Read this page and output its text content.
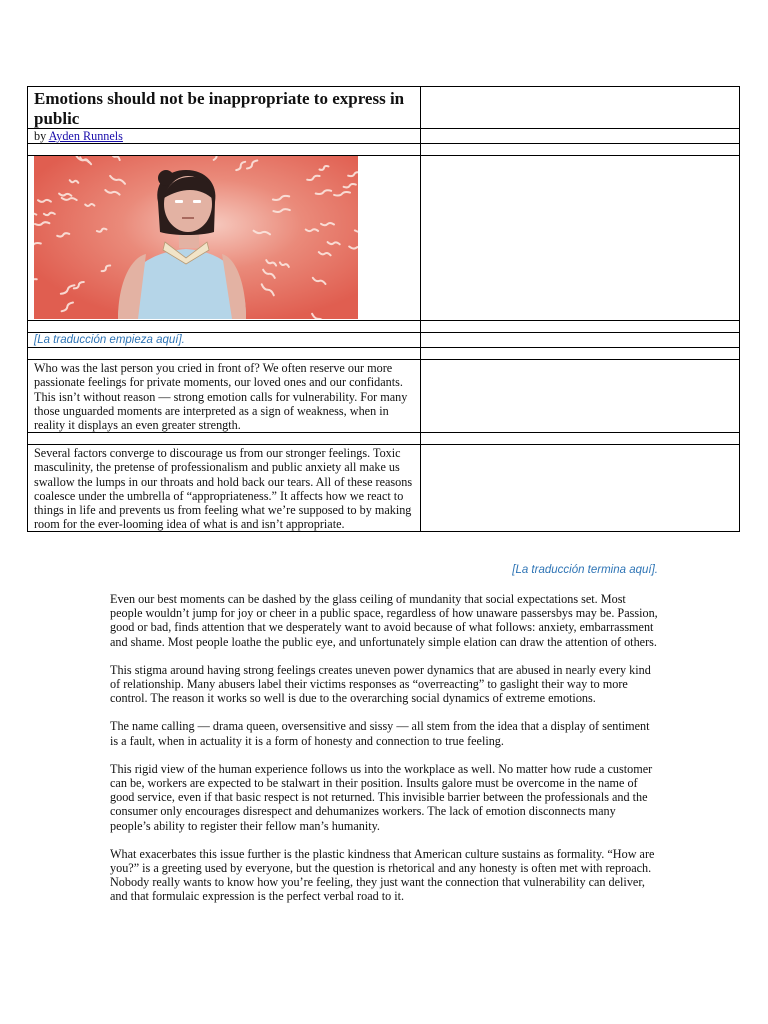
Emotions should not be inappropriate to express in public	

by Ayden Runnels	

[La traducción empieza aquí].	

Who was the last person you cried in front of? We often reserve our more passionate feelings for private moments, our loved ones and our confidants. This isn’t without reason — strong emotion calls for vulnerability. For many those unguarded moments are interpreted as a sign of weakness, when in reality it displays an even greater strength.	

Several factors converge to discourage us from our stronger feelings. Toxic masculinity, the pretense of professionalism and public anxiety all make us swallow the lumps in our throats and hold back our tears. All of these reasons coalesce under the umbrella of “appropriateness.” It affects how we react to things in life and prevents us from feeling what we’re supposed to by making room for the ever-looming idea of what is and isn’t appropriate.	
[La traducción termina aquí].

Even our best moments can be dashed by the glass ceiling of mundanity that social expectations set. Most people wouldn’t jump for joy or cheer in a public space, regardless of how unaware passersbys may be. Passion, good or bad, finds attention that we desperately want to avoid because of what follows: anxiety, embarrassment and shame. Most people loathe the public eye, and unfortunately simple elation can draw the attention of others.

This stigma around having strong feelings creates uneven power dynamics that are abused in nearly every kind of relationship. Many abusers label their victims responses as “overreacting” to gaslight their way to more control. The reason it works so well is due to the overarching social dynamics of extreme emotions.

The name calling — drama queen, oversensitive and sissy — all stem from the idea that a display of sentiment is a fault, when in actuality it is a form of honesty and connection to true feeling.

This rigid view of the human experience follows us into the workplace as well. No matter how rude a customer can be, workers are expected to be stalwart in their position. Insults galore must be overcome in the name of good service, even if that basic respect is not returned. This invisible barrier between the professionals and the consumer only encourages disrespect and dehumanizes workers. The lack of emotion disconnects many people’s ability to register their fellow man’s humanity.

What exacerbates this issue further is the plastic kindness that American culture sustains as formality. “How are you?” is a greeting used by everyone, but the question is rhetorical and any honesty is often met with reproach. Nobody really wants to know how you’re feeling, they just want the connection that vulnerability can deliver, and that formulaic expression is the perfect verbal road to it.
